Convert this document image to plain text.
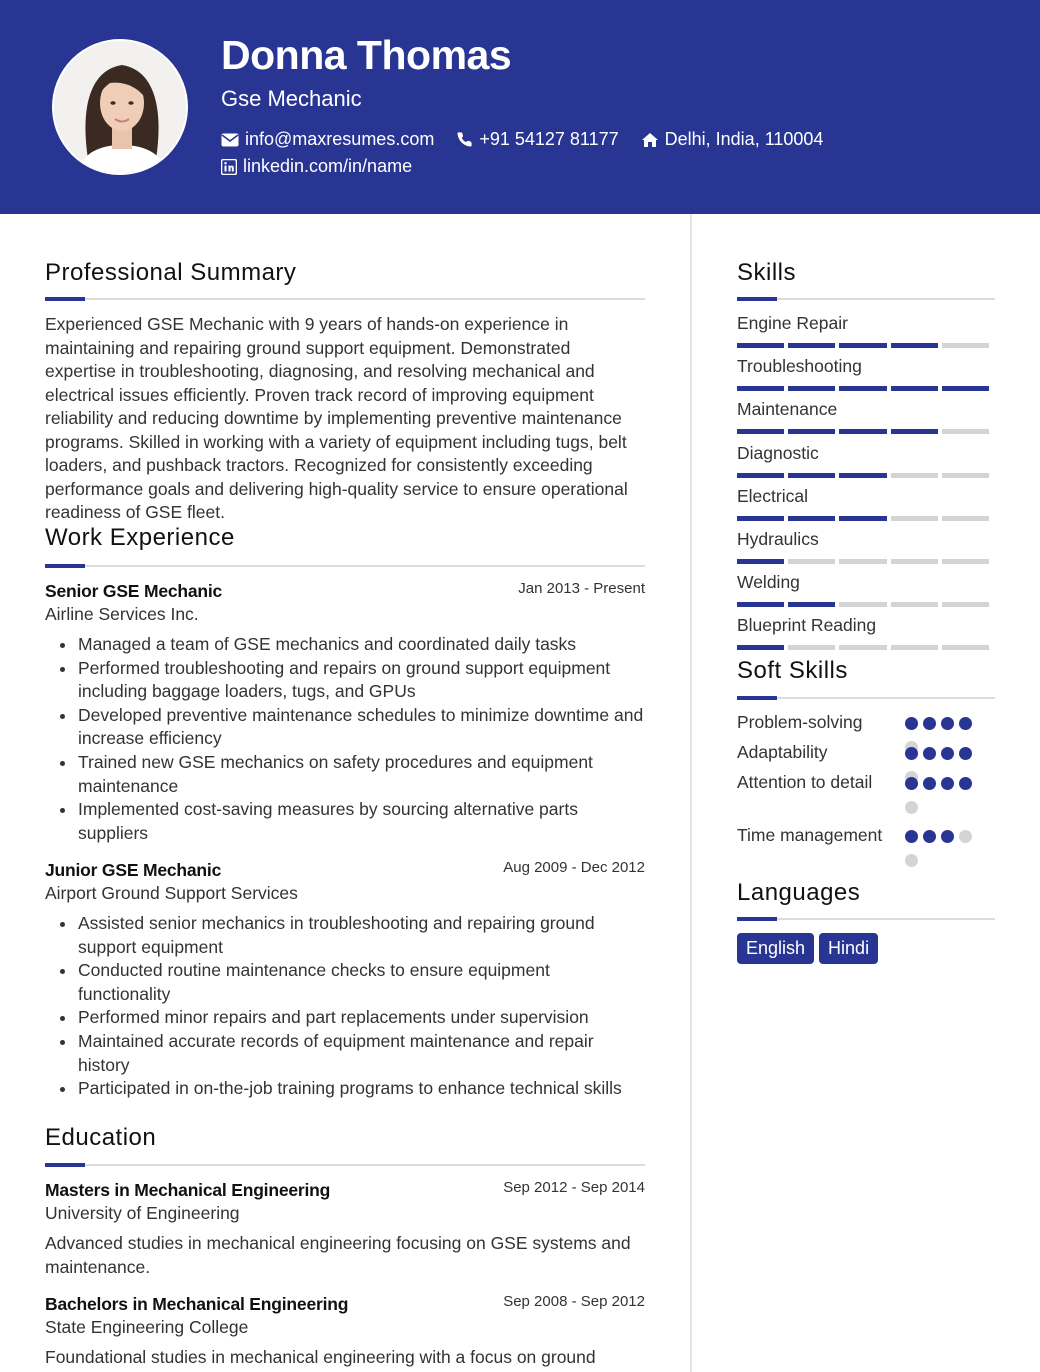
Donna Thomas
Gse Mechanic
info@maxresumes.com	+91 54127 81177	Delhi, India, 110004
linkedin.com/in/name
Professional Summary
Experienced GSE Mechanic with 9 years of hands-on experience in maintaining and repairing ground support equipment. Demonstrated expertise in troubleshooting, diagnosing, and resolving mechanical and electrical issues efficiently. Proven track record of improving equipment reliability and reducing downtime by implementing preventive maintenance programs. Skilled in working with a variety of equipment including tugs, belt loaders, and pushback tractors. Recognized for consistently exceeding performance goals and delivering high-quality service to ensure operational readiness of GSE fleet.
Work Experience
Senior GSE Mechanic	Jan 2013 - Present
Airline Services Inc.
Managed a team of GSE mechanics and coordinated daily tasks
Performed troubleshooting and repairs on ground support equipment including baggage loaders, tugs, and GPUs
Developed preventive maintenance schedules to minimize downtime and increase efficiency
Trained new GSE mechanics on safety procedures and equipment maintenance
Implemented cost-saving measures by sourcing alternative parts suppliers
Junior GSE Mechanic	Aug 2009 - Dec 2012
Airport Ground Support Services
Assisted senior mechanics in troubleshooting and repairing ground support equipment
Conducted routine maintenance checks to ensure equipment functionality
Performed minor repairs and part replacements under supervision
Maintained accurate records of equipment maintenance and repair history
Participated in on-the-job training programs to enhance technical skills
Education
Masters in Mechanical Engineering	Sep 2012 - Sep 2014
University of Engineering
Advanced studies in mechanical engineering focusing on GSE systems and maintenance.
Bachelors in Mechanical Engineering	Sep 2008 - Sep 2012
State Engineering College
Foundational studies in mechanical engineering with a focus on ground
Skills
Engine Repair
Troubleshooting
Maintenance
Diagnostic
Electrical
Hydraulics
Welding
Blueprint Reading
Soft Skills
Problem-solving
Adaptability
Attention to detail
Time management
Languages
English	Hindi
